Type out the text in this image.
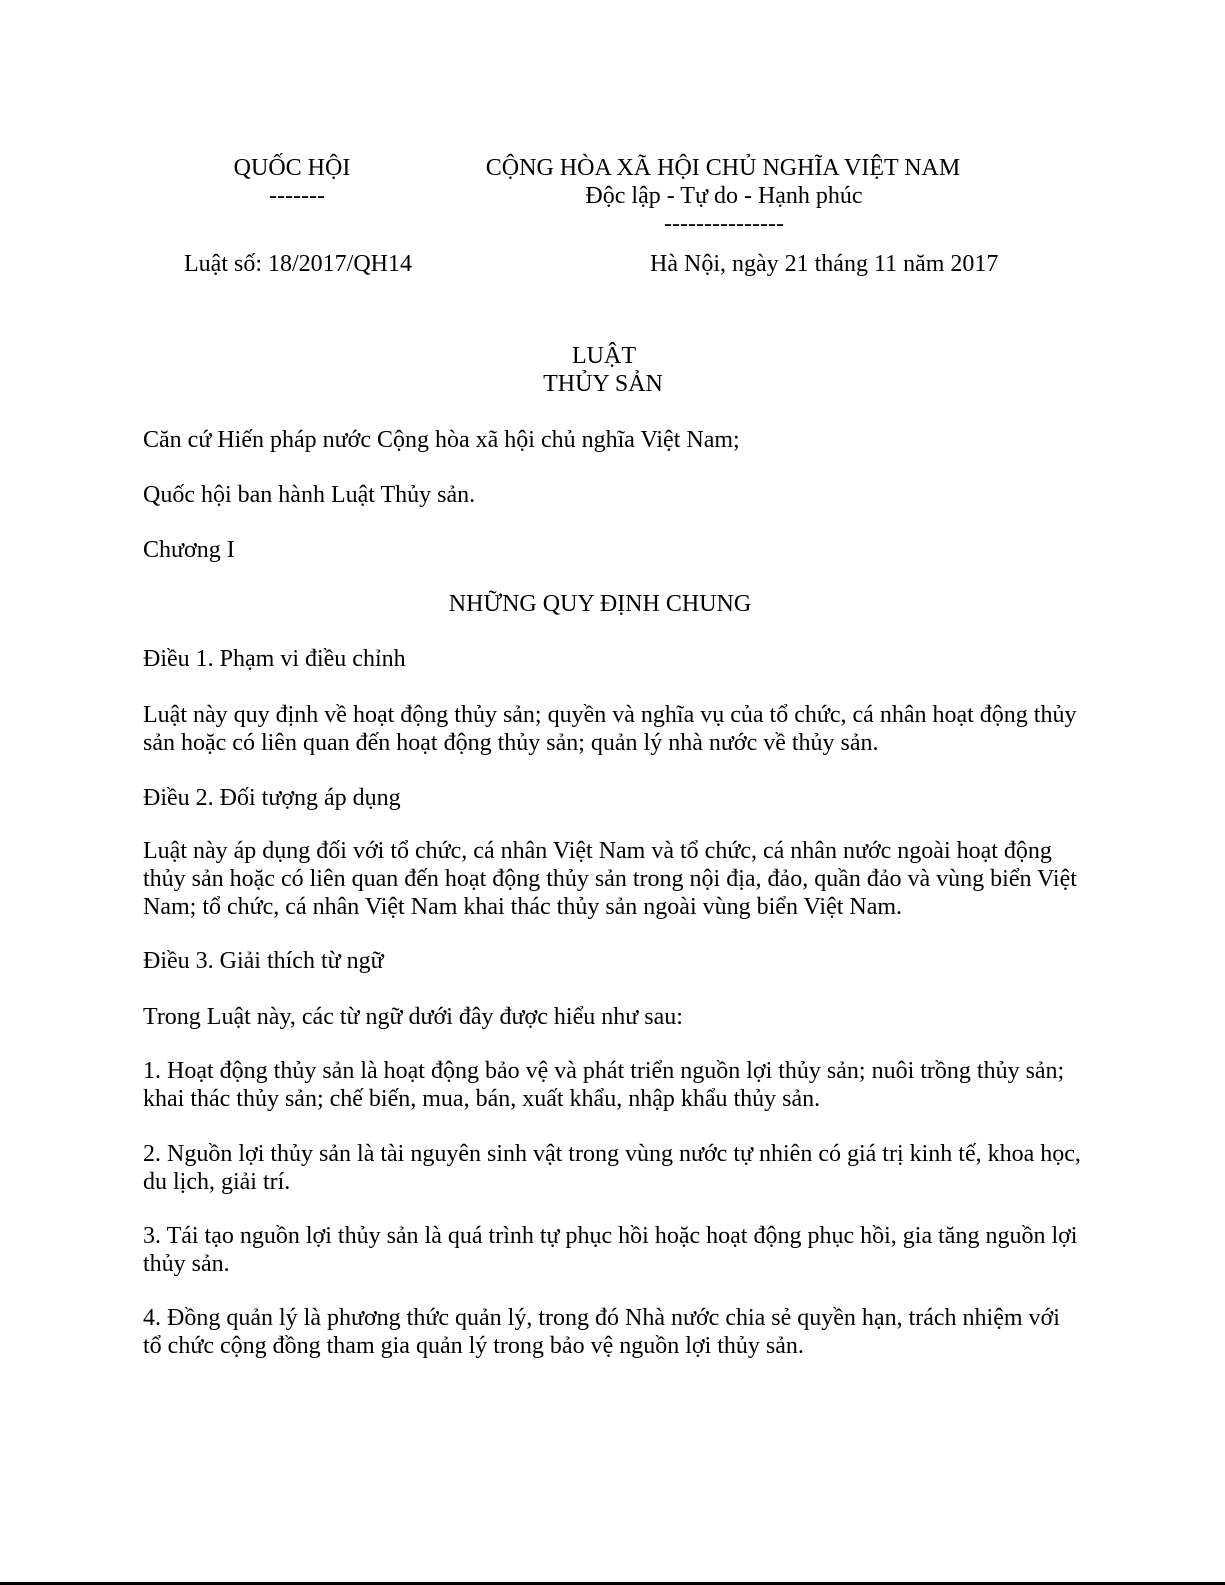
QUỐC HỘI
-------
CỘNG HÒA XÃ HỘI CHỦ NGHĨA VIỆT NAM
Độc lập - Tự do - Hạnh phúc
---------------
Luật số: 18/2017/QH14	Hà Nội, ngày 21 tháng 11 năm 2017
LUẬT
THỦY SẢN

Căn cứ Hiến pháp nước Cộng hòa xã hội chủ nghĩa Việt Nam;

Quốc hội ban hành Luật Thủy sản.

Chương I

NHỮNG QUY ĐỊNH CHUNG

Điều 1. Phạm vi điều chỉnh

Luật này quy định về hoạt động thủy sản; quyền và nghĩa vụ của tổ chức, cá nhân hoạt động thủy sản hoặc có liên quan đến hoạt động thủy sản; quản lý nhà nước về thủy sản.

Điều 2. Đối tượng áp dụng

Luật này áp dụng đối với tổ chức, cá nhân Việt Nam và tổ chức, cá nhân nước ngoài hoạt động thủy sản hoặc có liên quan đến hoạt động thủy sản trong nội địa, đảo, quần đảo và vùng biển Việt Nam; tổ chức, cá nhân Việt Nam khai thác thủy sản ngoài vùng biển Việt Nam.

Điều 3. Giải thích từ ngữ

Trong Luật này, các từ ngữ dưới đây được hiểu như sau:

1. Hoạt động thủy sản là hoạt động bảo vệ và phát triển nguồn lợi thủy sản; nuôi trồng thủy sản; khai thác thủy sản; chế biến, mua, bán, xuất khẩu, nhập khẩu thủy sản.

2. Nguồn lợi thủy sản là tài nguyên sinh vật trong vùng nước tự nhiên có giá trị kinh tế, khoa học, du lịch, giải trí.

3. Tái tạo nguồn lợi thủy sản là quá trình tự phục hồi hoặc hoạt động phục hồi, gia tăng nguồn lợi thủy sản.

4. Đồng quản lý là phương thức quản lý, trong đó Nhà nước chia sẻ quyền hạn, trách nhiệm với tổ chức cộng đồng tham gia quản lý trong bảo vệ nguồn lợi thủy sản.
